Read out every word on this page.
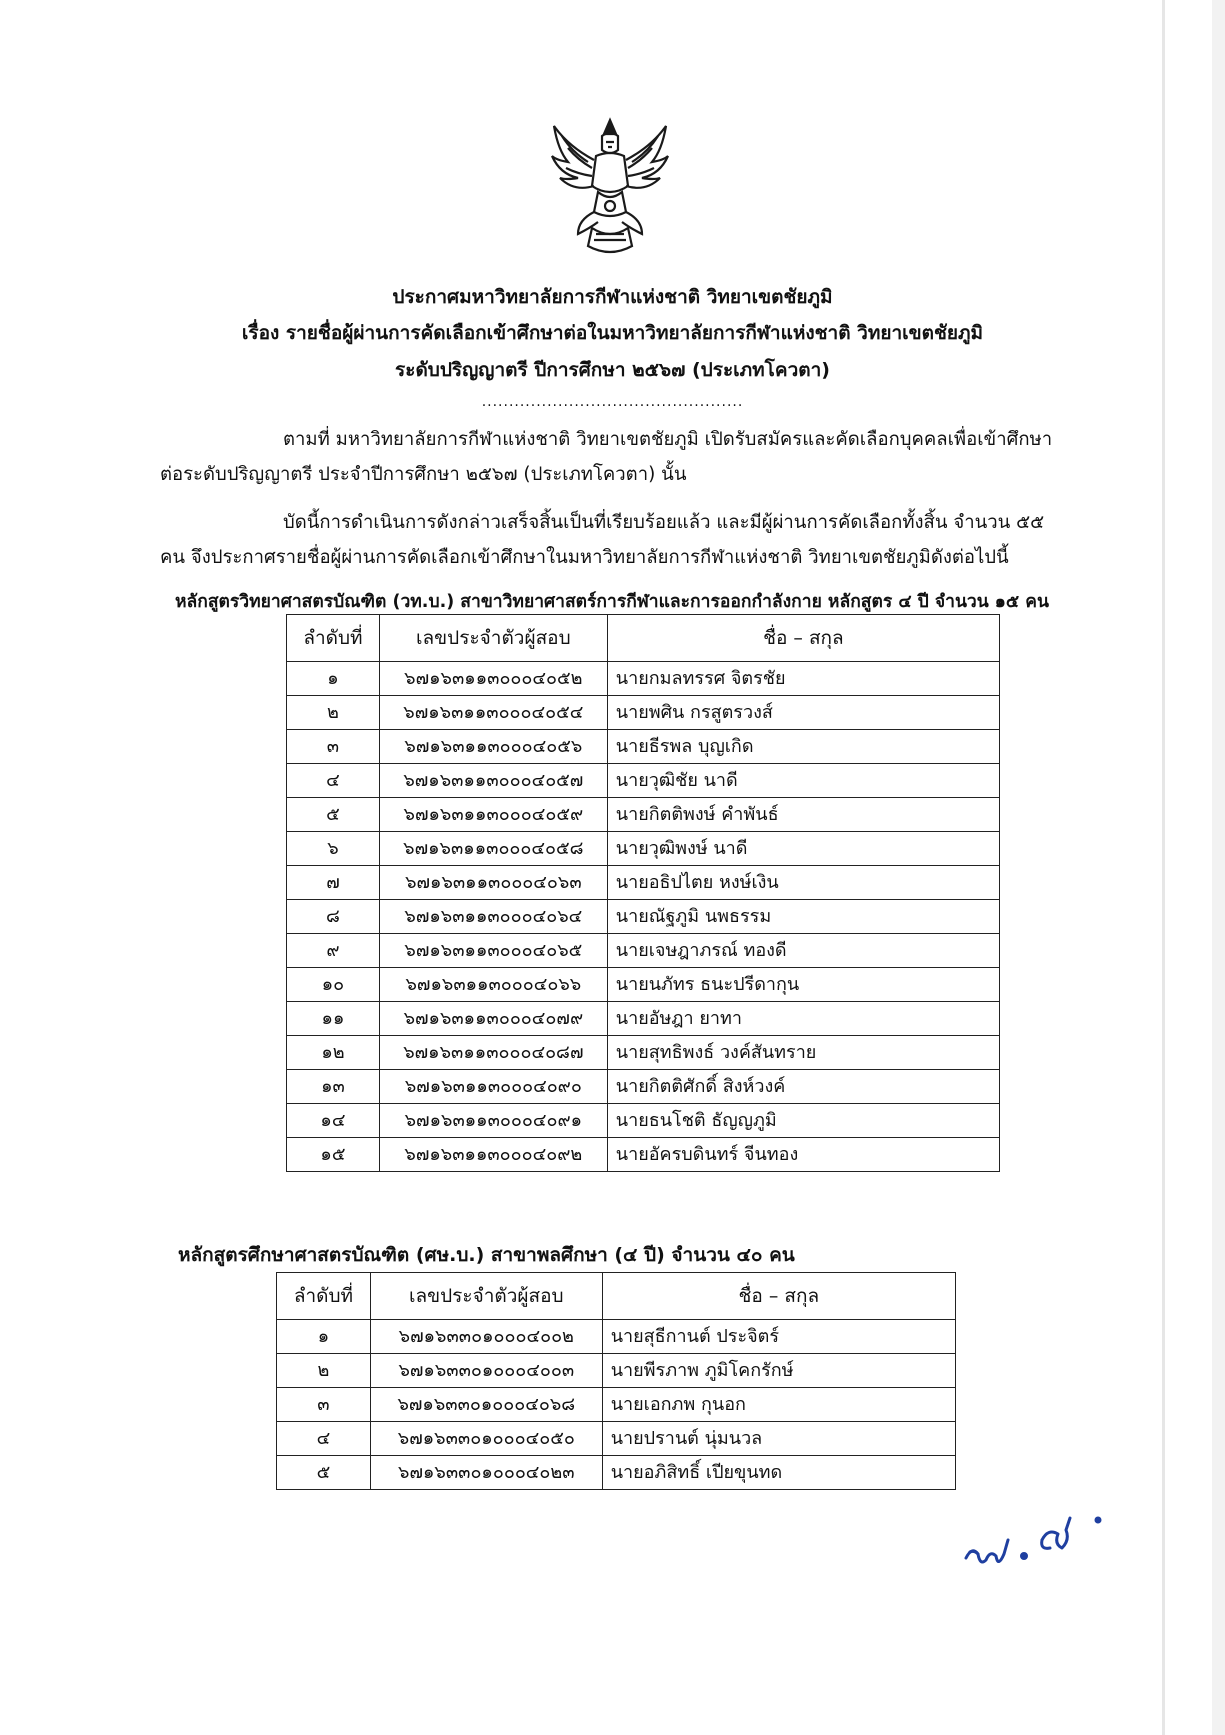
ประกาศมหาวิทยาลัยการกีฬาแห่งชาติ วิทยาเขตชัยภูมิ
เรื่อง รายชื่อผู้ผ่านการคัดเลือกเข้าศึกษาต่อในมหาวิทยาลัยการกีฬาแห่งชาติ วิทยาเขตชัยภูมิ
ระดับปริญญาตรี ปีการศึกษา ๒๕๖๗ (ประเภทโควตา)
................................................
ตามที่ มหาวิทยาลัยการกีฬาแห่งชาติ วิทยาเขตชัยภูมิ เปิดรับสมัครและคัดเลือกบุคคลเพื่อเข้าศึกษา
ต่อระดับปริญญาตรี ประจำปีการศึกษา ๒๕๖๗ (ประเภทโควตา) นั้น
บัดนี้การดำเนินการดังกล่าวเสร็จสิ้นเป็นที่เรียบร้อยแล้ว และมีผู้ผ่านการคัดเลือกทั้งสิ้น จำนวน ๕๕
คน จึงประกาศรายชื่อผู้ผ่านการคัดเลือกเข้าศึกษาในมหาวิทยาลัยการกีฬาแห่งชาติ วิทยาเขตชัยภูมิดังต่อไปนี้
หลักสูตรวิทยาศาสตรบัณฑิต (วท.บ.) สาขาวิทยาศาสตร์การกีฬาและการออกกำลังกาย หลักสูตร ๔ ปี จำนวน ๑๕ คน
ลำดับที่	เลขประจำตัวผู้สอบ	ชื่อ – สกุล
๑	๖๗๑๖๓๑๑๓๐๐๐๔๐๕๒	นายกมลทรรศ จิตรชัย
๒	๖๗๑๖๓๑๑๓๐๐๐๔๐๕๔	นายพศิน กรสูตรวงส์
๓	๖๗๑๖๓๑๑๓๐๐๐๔๐๕๖	นายธีรพล บุญเกิด
๔	๖๗๑๖๓๑๑๓๐๐๐๔๐๕๗	นายวุฒิชัย นาดี
๕	๖๗๑๖๓๑๑๓๐๐๐๔๐๕๙	นายกิตติพงษ์ คำพันธ์
๖	๖๗๑๖๓๑๑๓๐๐๐๔๐๕๘	นายวุฒิพงษ์ นาดี
๗	๖๗๑๖๓๑๑๓๐๐๐๔๐๖๓	นายอธิปไตย หงษ์เงิน
๘	๖๗๑๖๓๑๑๓๐๐๐๔๐๖๔	นายณัฐภูมิ นพธรรม
๙	๖๗๑๖๓๑๑๓๐๐๐๔๐๖๕	นายเจษฎาภรณ์ ทองดี
๑๐	๖๗๑๖๓๑๑๓๐๐๐๔๐๖๖	นายนภัทร ธนะปรีดากุน
๑๑	๖๗๑๖๓๑๑๓๐๐๐๔๐๗๙	นายอัษฎา ยาทา
๑๒	๖๗๑๖๓๑๑๓๐๐๐๔๐๘๗	นายสุทธิพงธ์ วงค์สันทราย
๑๓	๖๗๑๖๓๑๑๓๐๐๐๔๐๙๐	นายกิตติศักดิ์ สิงห์วงค์
๑๔	๖๗๑๖๓๑๑๓๐๐๐๔๐๙๑	นายธนโชติ ธัญญภูมิ
๑๕	๖๗๑๖๓๑๑๓๐๐๐๔๐๙๒	นายอัครบดินทร์ จีนทอง
หลักสูตรศึกษาศาสตรบัณฑิต (ศษ.บ.) สาขาพลศึกษา (๔ ปี) จำนวน ๔๐ คน
ลำดับที่	เลขประจำตัวผู้สอบ	ชื่อ – สกุล
๑	๖๗๑๖๓๓๐๑๐๐๐๔๐๐๒	นายสุธีกานต์ ประจิตร์
๒	๖๗๑๖๓๓๐๑๐๐๐๔๐๐๓	นายพีรภาพ ภูมิโคกรักษ์
๓	๖๗๑๖๓๓๐๑๐๐๐๔๐๖๘	นายเอกภพ กุนอก
๔	๖๗๑๖๓๓๐๑๐๐๐๔๐๕๐	นายปรานต์ นุ่มนวล
๕	๖๗๑๖๓๓๐๑๐๐๐๔๐๒๓	นายอภิสิทธิ์ เปียขุนทด
